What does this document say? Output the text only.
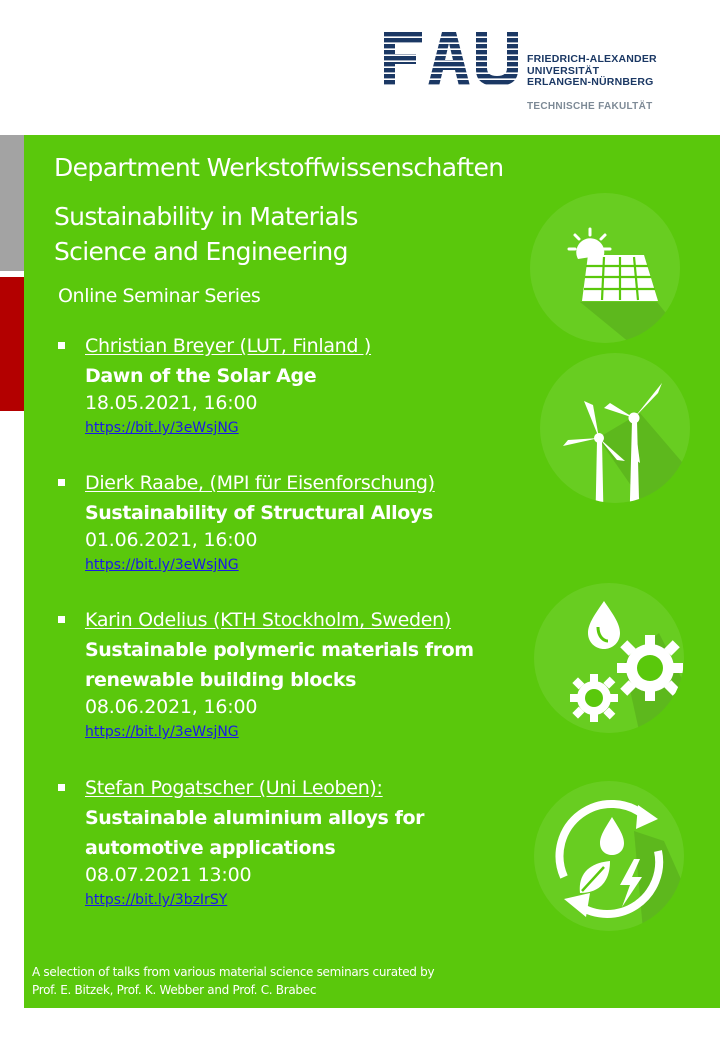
FRIEDRICH-ALEXANDER
UNIVERSITÄT
ERLANGEN-NÜRNBERG
TECHNISCHE FAKULTÄT
Department Werkstoffwissenschaften
Sustainability in Materials
Science and Engineering
Online Seminar Series
Christian Breyer (LUT, Finland )
Dawn of the Solar Age
18.05.2021, 16:00
https://bit.ly/3eWsjNG
Dierk Raabe, (MPI für Eisenforschung)
Sustainability of Structural Alloys
01.06.2021, 16:00
https://bit.ly/3eWsjNG
Karin Odelius (KTH Stockholm, Sweden)
Sustainable polymeric materials from
renewable building blocks
08.06.2021, 16:00
https://bit.ly/3eWsjNG
Stefan Pogatscher (Uni Leoben):
Sustainable aluminium alloys for
automotive applications
08.07.2021 13:00
https://bit.ly/3bzIrSY
A selection of talks from various material science seminars curated by
Prof. E. Bitzek, Prof. K. Webber and Prof. C. Brabec
